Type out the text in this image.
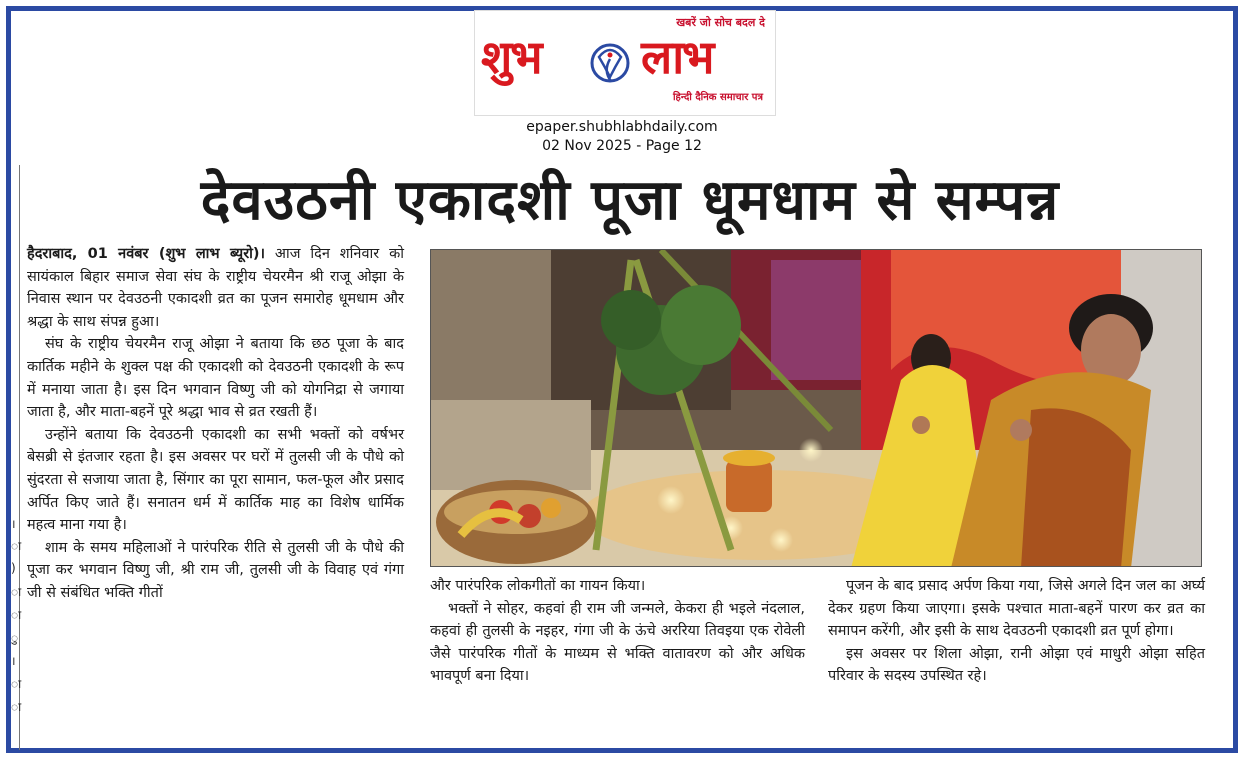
खबरें जो सोच बदल दे
शुभ लाभ
हिन्दी दैनिक समाचार पत्र
epaper.shubhlabhdaily.com
02 Nov 2025 - Page 12
।
ा
)
ा
ा
ु
।
ा
ा
देवउठनी एकादशी पूजा धूमधाम से सम्पन्न

हैदराबाद, 01 नवंबर (शुभ लाभ ब्यूरो)। आज दिन शनिवार को सायंकाल बिहार समाज सेवा संघ के राष्ट्रीय चेयरमैन श्री राजू ओझा के निवास स्थान पर देवउठनी एकादशी व्रत का पूजन समारोह धूमधाम और श्रद्धा के साथ संपन्न हुआ।

संघ के राष्ट्रीय चेयरमैन राजू ओझा ने बताया कि छठ पूजा के बाद कार्तिक महीने के शुक्ल पक्ष की एकादशी को देवउठनी एकादशी के रूप में मनाया जाता है। इस दिन भगवान विष्णु जी को योगनिद्रा से जगाया जाता है, और माता-बहनें पूरे श्रद्धा भाव से व्रत रखती हैं।

उन्होंने बताया कि देवउठनी एकादशी का सभी भक्तों को वर्षभर बेसब्री से इंतजार रहता है। इस अवसर पर घरों में तुलसी जी के पौधे को सुंदरता से सजाया जाता है, सिंगार का पूरा सामान, फल-फूल और प्रसाद अर्पित किए जाते हैं। सनातन धर्म में कार्तिक माह का विशेष धार्मिक महत्व माना गया है।

शाम के समय महिलाओं ने पारंपरिक रीति से तुलसी जी के पौधे की पूजा कर भगवान विष्णु जी, श्री राम जी, तुलसी जी के विवाह एवं गंगा जी से संबंधित भक्ति गीतों	और पारंपरिक लोकगीतों का गायन किया।

भक्तों ने सोहर, कहवां ही राम जी जन्मले, केकरा ही भइले नंदलाल, कहवां ही तुलसी के नइहर, गंगा जी के ऊंचे अररिया तिवइया एक रोवेली जैसे पारंपरिक गीतों के माध्यम से भक्ति वातावरण को और अधिक भावपूर्ण बना दिया।

पूजन के बाद प्रसाद अर्पण किया गया, जिसे अगले दिन जल का अर्घ्य देकर ग्रहण किया जाएगा। इसके पश्चात माता-बहनें पारण कर व्रत का समापन करेंगी, और इसी के साथ देवउठनी एकादशी व्रत पूर्ण होगा।

इस अवसर पर शिला ओझा, रानी ओझा एवं माधुरी ओझा सहित परिवार के सदस्य उपस्थित रहे।
